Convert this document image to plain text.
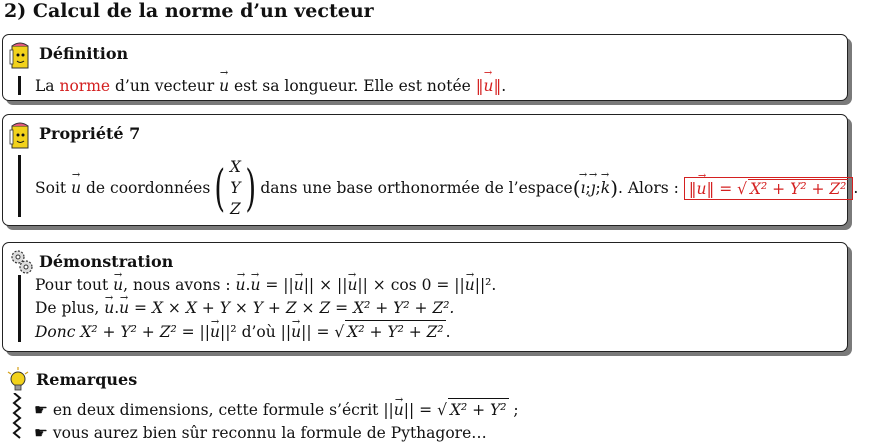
2) Calcul de la norme d’un vecteur
Définition
La norme d’un vecteur → u est sa longueur. Elle est notée ‖→ u‖.
Propriété 7
Soit
→ u
de coordonnées ( X
Y
Z ) dans une base orthonormée de l’espace ( → ı ; → ȷ ; → k ) . Alors :
‖→ u‖ = √ X² + Y² + Z² .
Démonstration
Pour tout → u, nous avons : → u.→ u = ||→ u|| × ||→ u|| × cos 0 = ||→ u||².
De plus, → u.→ u = X × X + Y × Y + Z × Z = X² + Y² + Z².
Donc X² + Y² + Z² = ||→ u||² d’où ||→ u|| = √ X² + Y² + Z² .
Remarques
☛ en deux dimensions, cette formule s’écrit ||→ u|| = √ X² + Y² ;
☛ vous aurez bien sûr reconnu la formule de Pythagore…
